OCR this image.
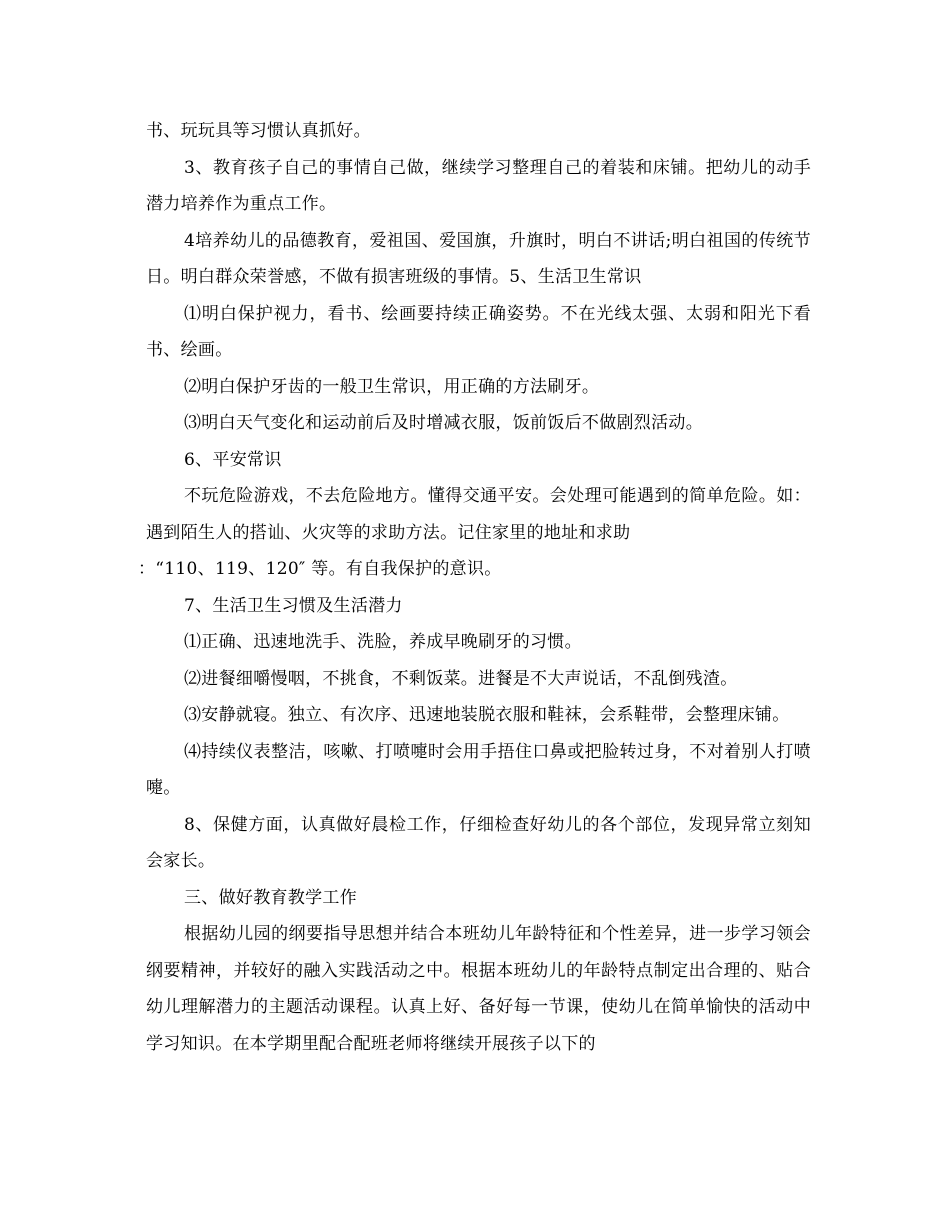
书、玩玩具等习惯认真抓好。

3、教育孩子自己的事情自己做，继续学习整理自己的着装和床铺。把幼儿的动手潜力培养作为重点工作。

4培养幼儿的品德教育，爱祖国、爱国旗，升旗时，明白不讲话;明白祖国的传统节日。明白群众荣誉感，不做有损害班级的事情。5、生活卫生常识

⑴明白保护视力，看书、绘画要持续正确姿势。不在光线太强、太弱和阳光下看书、绘画。

⑵明白保护牙齿的一般卫生常识，用正确的方法刷牙。

⑶明白天气变化和运动前后及时增减衣服，饭前饭后不做剧烈活动。

6、平安常识

不玩危险游戏，不去危险地方。懂得交通平安。会处理可能遇到的简单危险。如：遇到陌生人的搭讪、火灾等的求助方法。记住家里的地址和求助

：“110、119、120″ 等。有自我保护的意识。

7、生活卫生习惯及生活潜力

⑴正确、迅速地洗手、洗脸，养成早晚刷牙的习惯。

⑵进餐细嚼慢咽，不挑食，不剩饭菜。进餐是不大声说话，不乱倒残渣。

⑶安静就寝。独立、有次序、迅速地装脱衣服和鞋袜，会系鞋带，会整理床铺。

⑷持续仪表整洁，咳嗽、打喷嚏时会用手捂住口鼻或把脸转过身，不对着别人打喷嚏。

8、保健方面，认真做好晨检工作，仔细检查好幼儿的各个部位，发现异常立刻知会家长。

三、做好教育教学工作

根据幼儿园的纲要指导思想并结合本班幼儿年龄特征和个性差异，进一步学习领会纲要精神，并较好的融入实践活动之中。根据本班幼儿的年龄特点制定出合理的、贴合幼儿理解潜力的主题活动课程。认真上好、备好每一节课，使幼儿在简单愉快的活动中学习知识。在本学期里配合配班老师将继续开展孩子以下的
